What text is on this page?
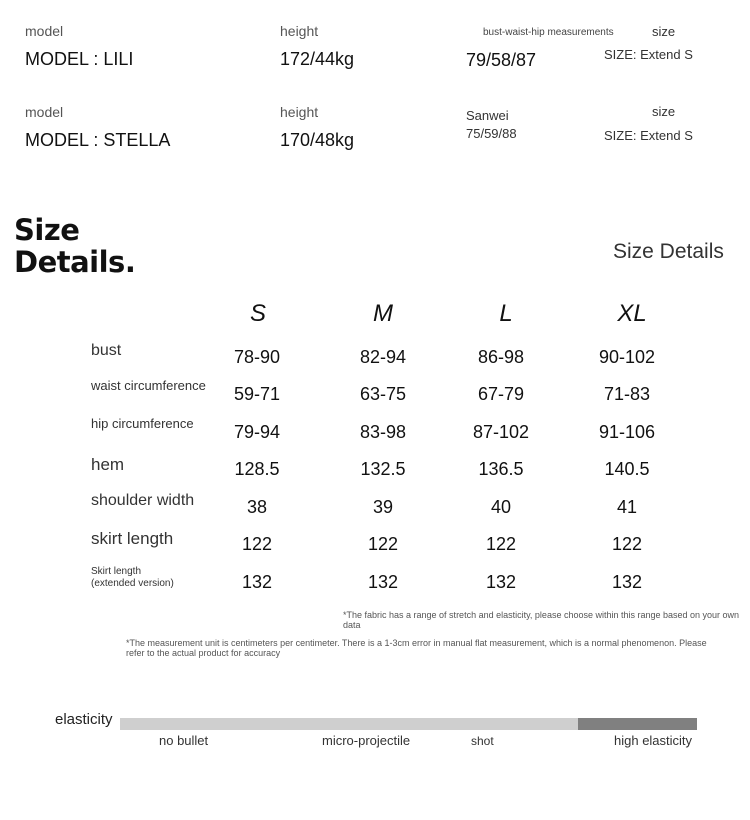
model
MODEL : LILI
height
172/44kg
bust-waist-hip measurements
79/58/87
size
SIZE: Extend S
model
MODEL : STELLA
height
170/48kg
Sanwei
75/59/88
size
SIZE: Extend S
Size
Details.	Size Details
S	M	L	XL
bust	78-90	82-94	86-98	90-102
waist circumference	59-71	63-75	67-79	71-83
hip circumference	79-94	83-98	87-102	91-106
hem	128.5	132.5	136.5	140.5
shoulder width	38	39	40	41
skirt length	122	122	122	122
Skirt length
(extended version)	132	132	132	132
*The fabric has a range of stretch and elasticity, please choose within this range based on your own data
*The measurement unit is centimeters per centimeter. There is a 1-3cm error in manual flat measurement, which is a normal phenomenon. Please refer to the actual product for accuracy
elasticity
no bullet	micro-projectile	shot	high elasticity
